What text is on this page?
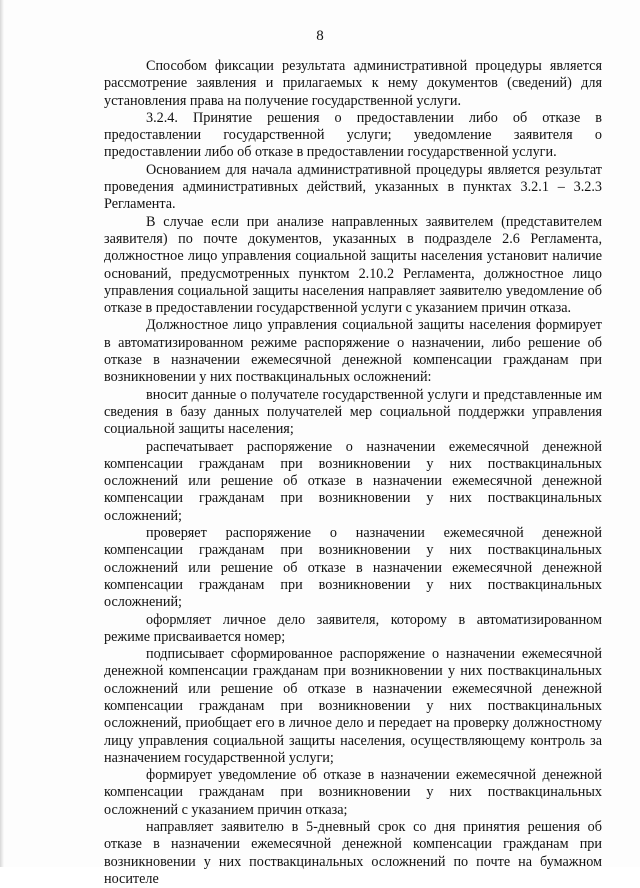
8

Способом фиксации результата административной процедуры является рассмотрение заявления и прилагаемых к нему документов (сведений) для установления права на получение государственной услуги.

3.2.4. Принятие решения о предоставлении либо об отказе в предоставлении государственной услуги; уведомление заявителя о предоставлении либо об отказе в предоставлении государственной услуги.

Основанием для начала административной процедуры является результат проведения административных действий, указанных в пунктах 3.2.1 – 3.2.3 Регламента.

В случае если при анализе направленных заявителем (представителем заявителя) по почте документов, указанных в подразделе 2.6 Регламента, должностное лицо управления социальной защиты населения установит наличие оснований, предусмотренных пунктом 2.10.2 Регламента, должностное лицо управления социальной защиты населения направляет заявителю уведомление об отказе в предоставлении государственной услуги с указанием причин отказа.

Должностное лицо управления социальной защиты населения формирует в автоматизированном режиме распоряжение о назначении, либо решение об отказе в назначении ежемесячной денежной компенсации гражданам при возникновении у них поствакцинальных осложнений:

вносит данные о получателе государственной услуги и представленные им сведения в базу данных получателей мер социальной поддержки управления социальной защиты населения;

распечатывает распоряжение о назначении ежемесячной денежной компенсации гражданам при возникновении у них поствакцинальных осложнений или решение об отказе в назначении ежемесячной денежной компенсации гражданам при возникновении у них поствакцинальных осложнений;

проверяет распоряжение о назначении ежемесячной денежной компенсации гражданам при возникновении у них поствакцинальных осложнений или решение об отказе в назначении ежемесячной денежной компенсации гражданам при возникновении у них поствакцинальных осложнений;

оформляет личное дело заявителя, которому в автоматизированном режиме присваивается номер;

подписывает сформированное распоряжение о назначении ежемесячной денежной компенсации гражданам при возникновении у них поствакцинальных осложнений или решение об отказе в назначении ежемесячной денежной компенсации гражданам при возникновении у них поствакцинальных осложнений, приобщает его в личное дело и передает на проверку должностному лицу управления социальной защиты населения, осуществляющему контроль за назначением государственной услуги;

формирует уведомление об отказе в назначении ежемесячной денежной компенсации гражданам при возникновении у них поствакцинальных осложнений с указанием причин отказа;

направляет заявителю в 5-дневный срок со дня принятия решения об отказе в назначении ежемесячной денежной компенсации гражданам при возникновении у них поствакцинальных осложнений по почте на бумажном носителе
